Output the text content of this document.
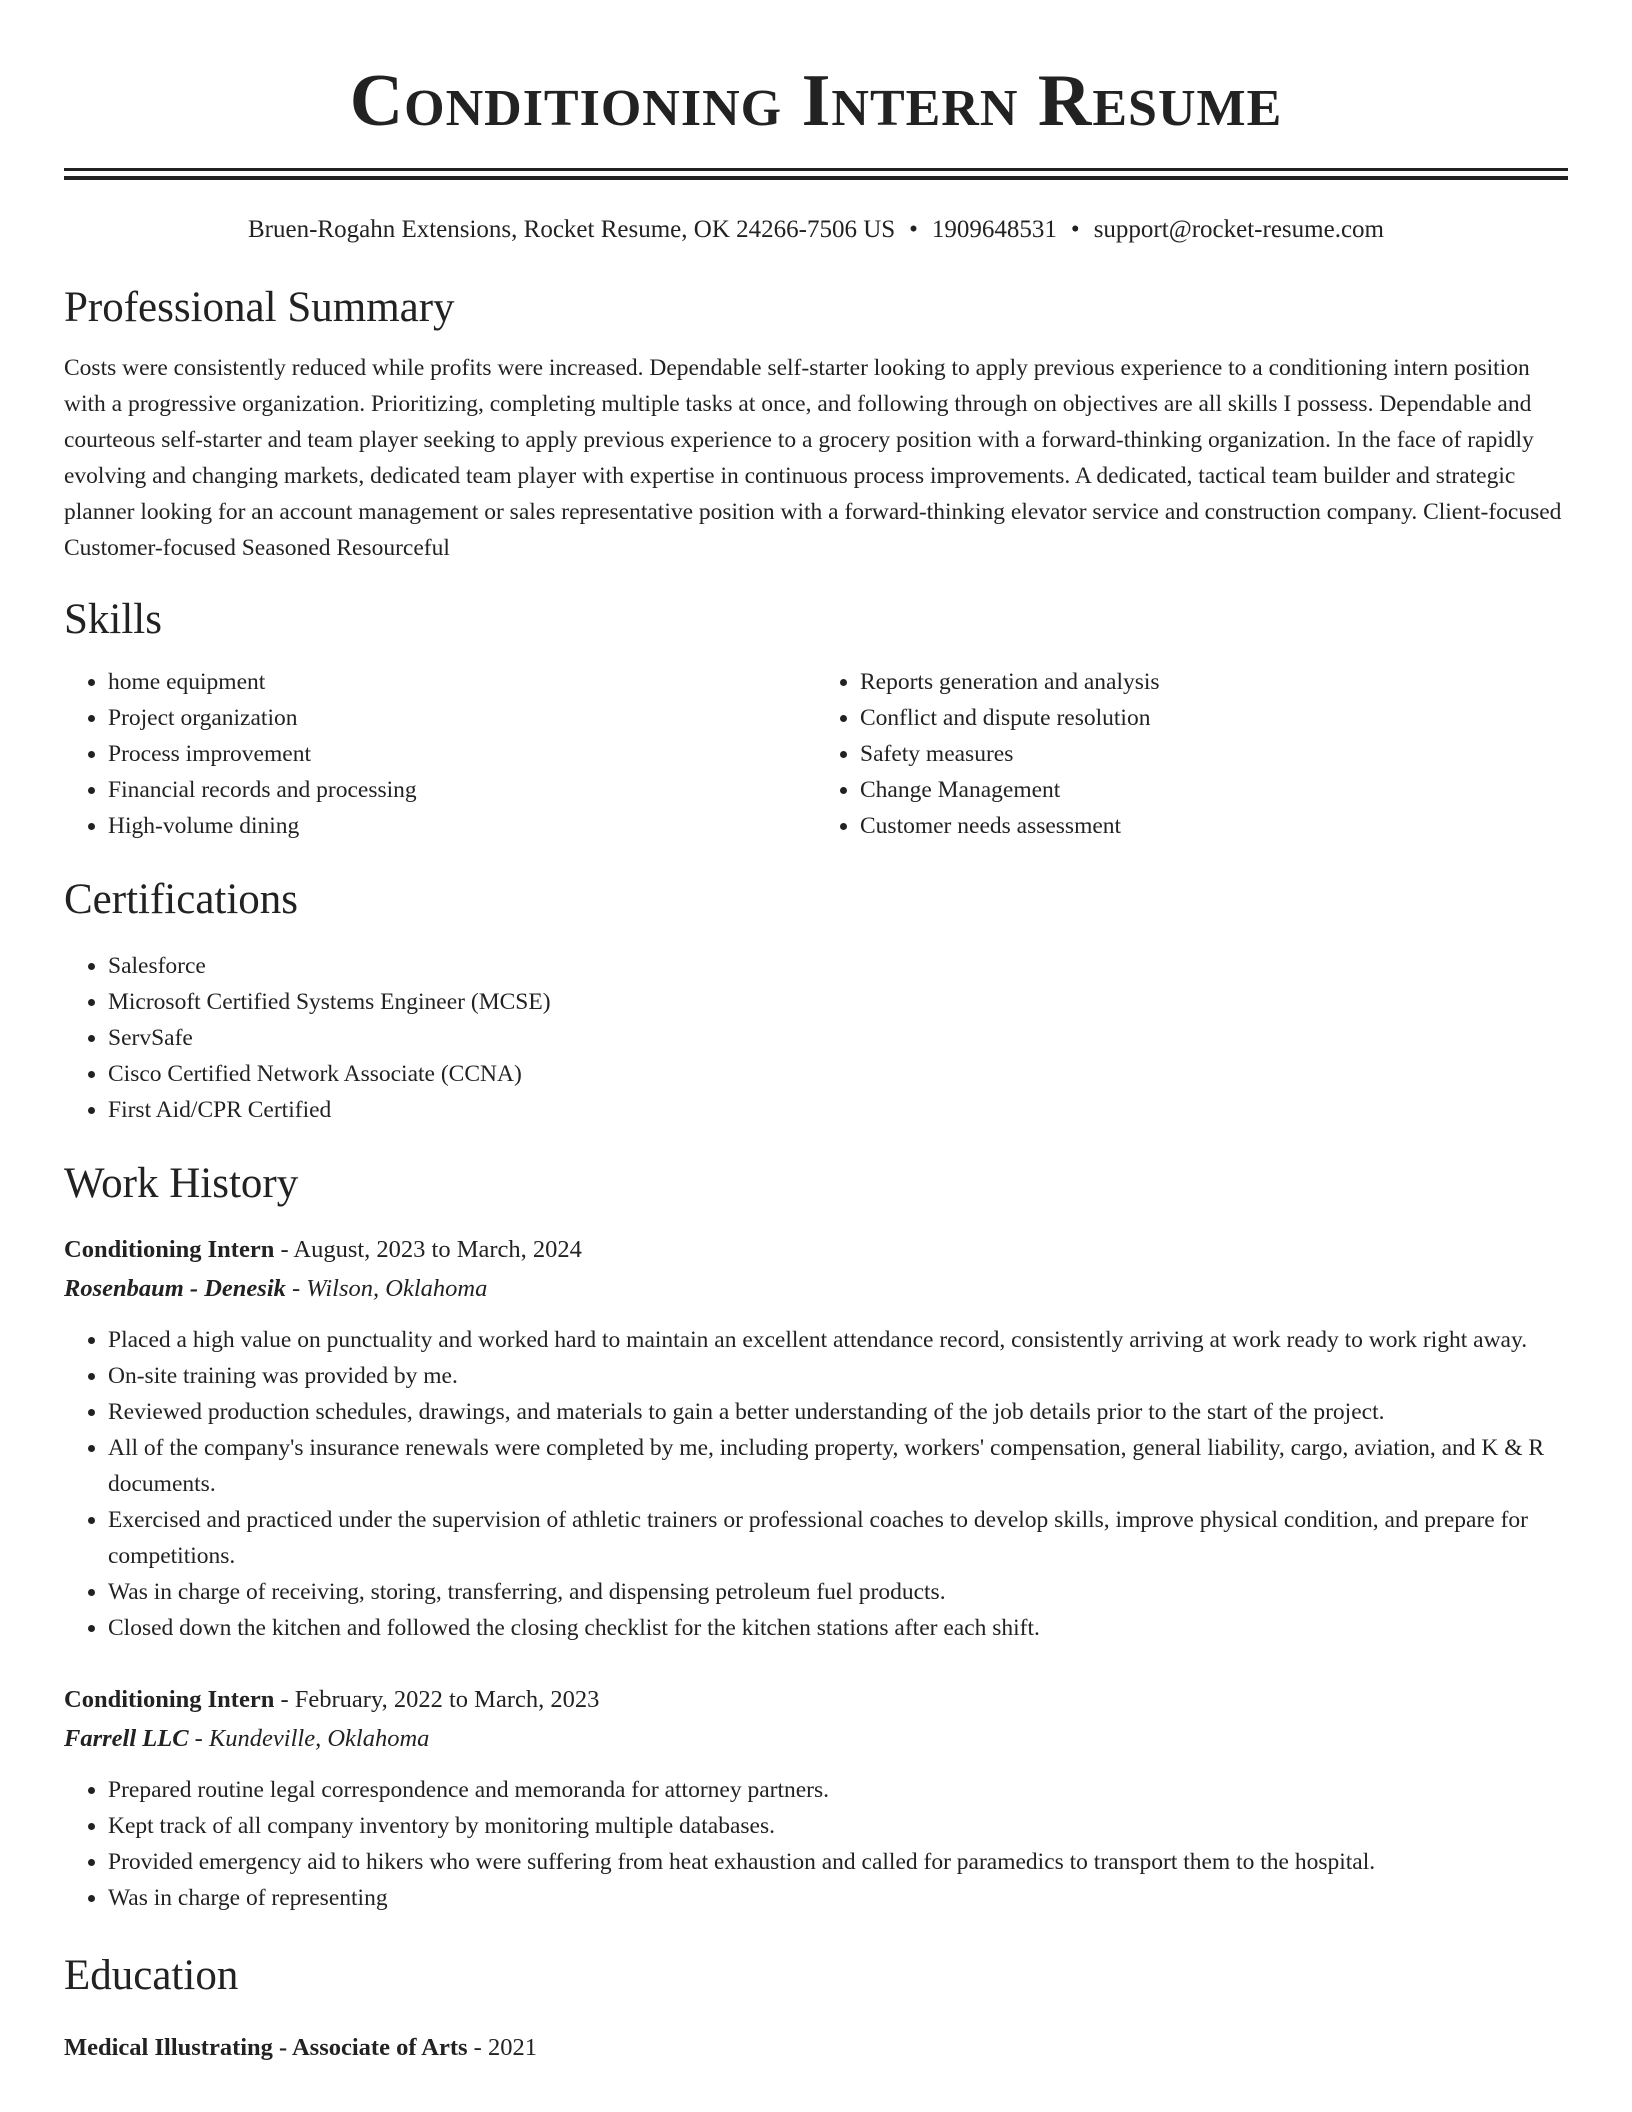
Conditioning Intern Resume
Bruen-Rogahn Extensions, Rocket Resume, OK 24266-7506 US • 1909648531 • support@rocket-resume.com
Professional Summary

Costs were consistently reduced while profits were increased. Dependable self-starter looking to apply previous experience to a conditioning intern position with a progressive organization. Prioritizing, completing multiple tasks at once, and following through on objectives are all skills I possess. Dependable and courteous self-starter and team player seeking to apply previous experience to a grocery position with a forward-thinking organization. In the face of rapidly evolving and changing markets, dedicated team player with expertise in continuous process improvements. A dedicated, tactical team builder and strategic planner looking for an account management or sales representative position with a forward-thinking elevator service and construction company. Client-focused Customer-focused Seasoned Resourceful

Skills
• home equipment
• Project organization
• Process improvement
• Financial records and processing
• High-volume dining
• Reports generation and analysis
• Conflict and dispute resolution
• Safety measures
• Change Management
• Customer needs assessment
Certifications
• Salesforce
• Microsoft Certified Systems Engineer (MCSE)
• ServSafe
• Cisco Certified Network Associate (CCNA)
• First Aid/CPR Certified
Work History
Conditioning Intern - August, 2023 to March, 2024
Rosenbaum - Denesik - Wilson, Oklahoma
• Placed a high value on punctuality and worked hard to maintain an excellent attendance record, consistently arriving at work ready to work right away.
• On-site training was provided by me.
• Reviewed production schedules, drawings, and materials to gain a better understanding of the job details prior to the start of the project.
• All of the company's insurance renewals were completed by me, including property, workers' compensation, general liability, cargo, aviation, and K & R documents.
• Exercised and practiced under the supervision of athletic trainers or professional coaches to develop skills, improve physical condition, and prepare for competitions.
• Was in charge of receiving, storing, transferring, and dispensing petroleum fuel products.
• Closed down the kitchen and followed the closing checklist for the kitchen stations after each shift.
Conditioning Intern - February, 2022 to March, 2023
Farrell LLC - Kundeville, Oklahoma
• Prepared routine legal correspondence and memoranda for attorney partners.
• Kept track of all company inventory by monitoring multiple databases.
• Provided emergency aid to hikers who were suffering from heat exhaustion and called for paramedics to transport them to the hospital.
• Was in charge of representing
Education
Medical Illustrating - Associate of Arts - 2021
